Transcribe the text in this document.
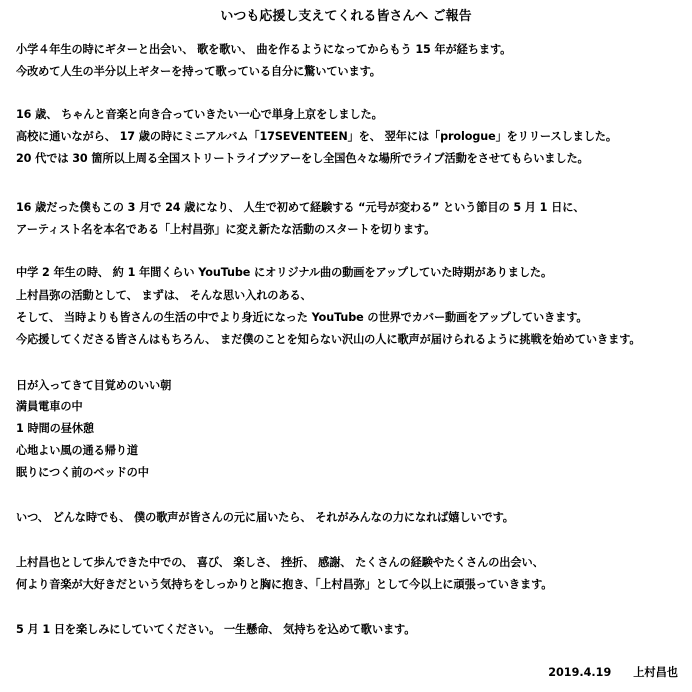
いつも応援し支えてくれる皆さんへ ご報告
小学４年生の時にギターと出会い、 歌を歌い、 曲を作るようになってからもう 15 年が経ちます。
今改めて人生の半分以上ギターを持って歌っている自分に驚いています。
16 歳、 ちゃんと音楽と向き合っていきたい一心で単身上京をしました。
高校に通いながら、 17 歳の時にミニアルバム「17SEVENTEEN」を、 翌年には「prologue」をリリースしました。
20 代では 30 箇所以上周る全国ストリートライブツアーをし全国色々な場所でライブ活動をさせてもらいました。
16 歳だった僕もこの 3 月で 24 歳になり、 人生で初めて経験する “元号が変わる” という節目の 5 月 1 日に、
アーティスト名を本名である「上村昌弥」に変え新たな活動のスタートを切ります。
中学 2 年生の時、 約 1 年間くらい YouTube にオリジナル曲の動画をアップしていた時期がありました。
上村昌弥の活動として、 まずは、 そんな思い入れのある、
そして、 当時よりも皆さんの生活の中でより身近になった YouTube の世界でカバー動画をアップしていきます。
今応援してくださる皆さんはもちろん、 まだ僕のことを知らない沢山の人に歌声が届けられるように挑戦を始めていきます。
日が入ってきて目覚めのいい朝
満員電車の中
1 時間の昼休憩
心地よい風の通る帰り道
眠りにつく前のベッドの中
いつ、 どんな時でも、 僕の歌声が皆さんの元に届いたら、 それがみんなの力になれば嬉しいです。
上村昌也として歩んできた中での、 喜び、 楽しさ、 挫折、 感謝、 たくさんの経験やたくさんの出会い、
何より音楽が大好きだという気持ちをしっかりと胸に抱き、「上村昌弥」として今以上に頑張っていきます。
5 月 1 日を楽しみにしていてください。 一生懸命、 気持ちを込めて歌います。
2019.4.19 上村昌也
